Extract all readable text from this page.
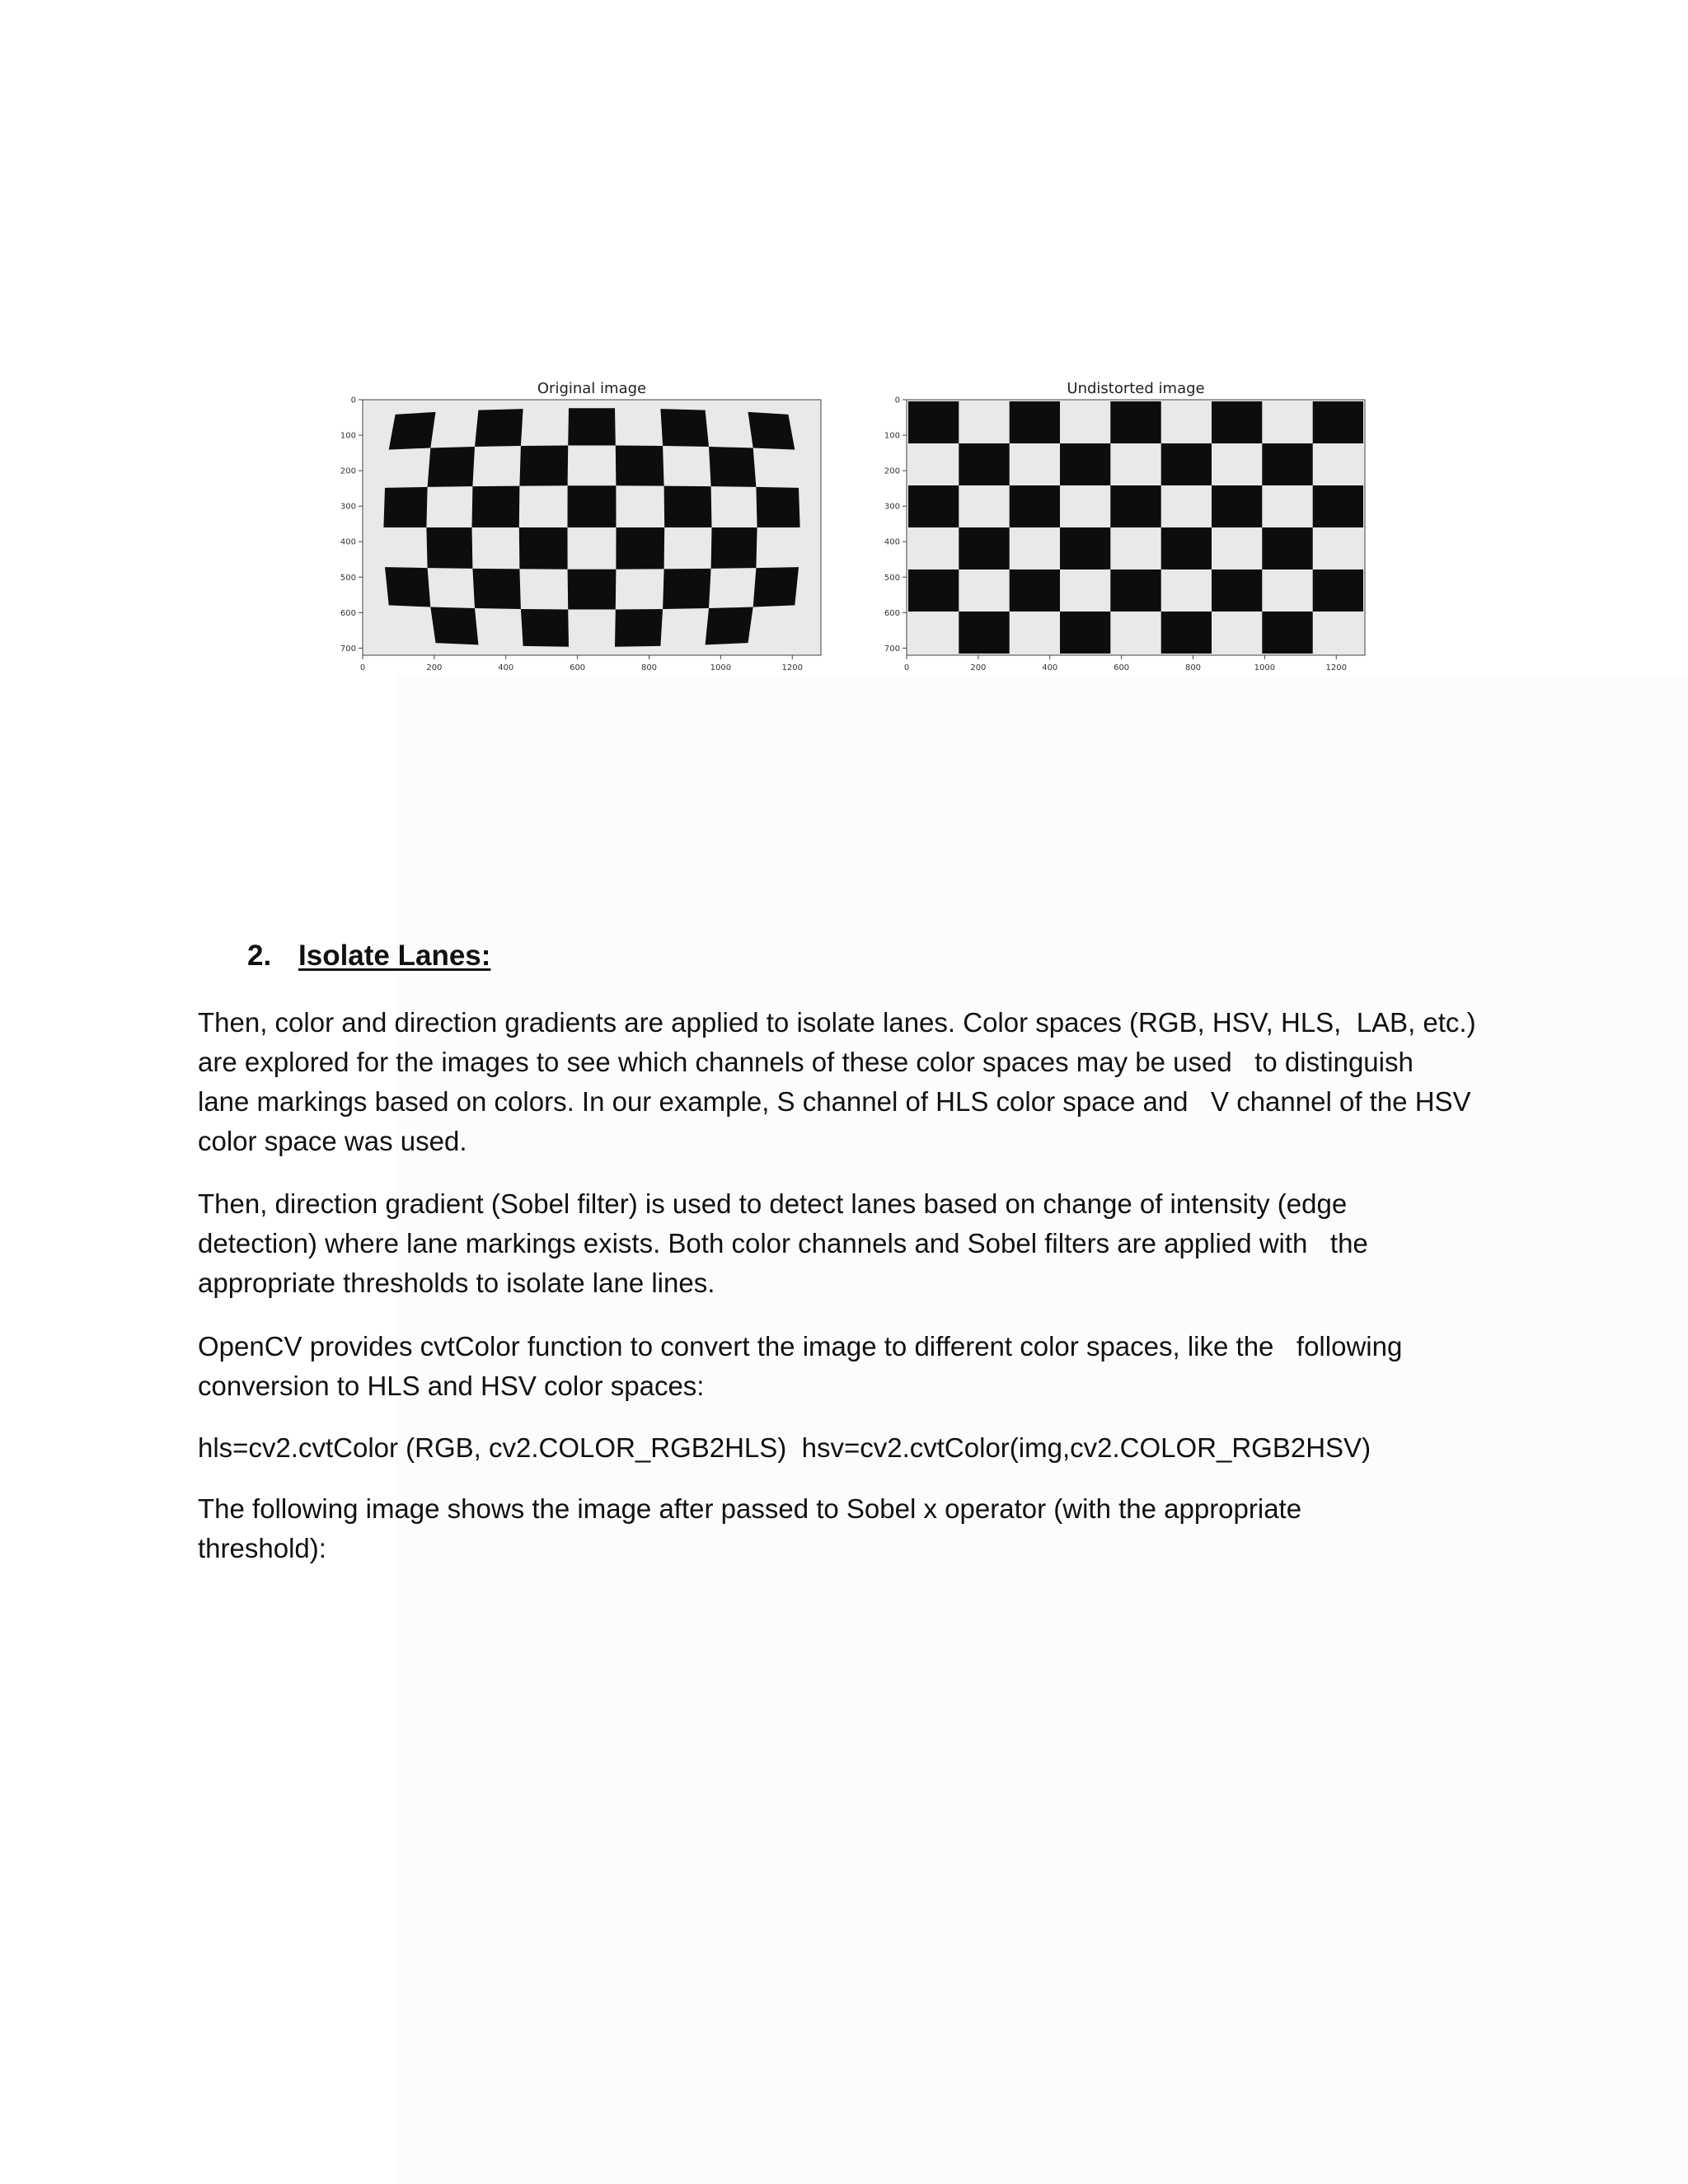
Original image
0
100
200
300
400
500
600
700
0	200	400	600	800	1000	1200
Undistorted image
0
100
200
300
400
500
600
700
0	200	400	600	800	1000	1200
2. Isolate Lanes:

Then, color and direction gradients are applied to isolate lanes. Color spaces (RGB, HSV, HLS,  LAB, etc.)

are explored for the images to see which channels of these color spaces may be used   to distinguish

lane markings based on colors. In our example, S channel of HLS color space and   V channel of the HSV

color space was used.

Then, direction gradient (Sobel filter) is used to detect lanes based on change of intensity (edge

detection) where lane markings exists. Both color channels and Sobel filters are applied with   the

appropriate thresholds to isolate lane lines.

OpenCV provides cvtColor function to convert the image to different color spaces, like the   following

conversion to HLS and HSV color spaces:

hls=cv2.cvtColor (RGB, cv2.COLOR_RGB2HLS)  hsv=cv2.cvtColor(img,cv2.COLOR_RGB2HSV)

The following image shows the image after passed to Sobel x operator (with the appropriate

threshold):
